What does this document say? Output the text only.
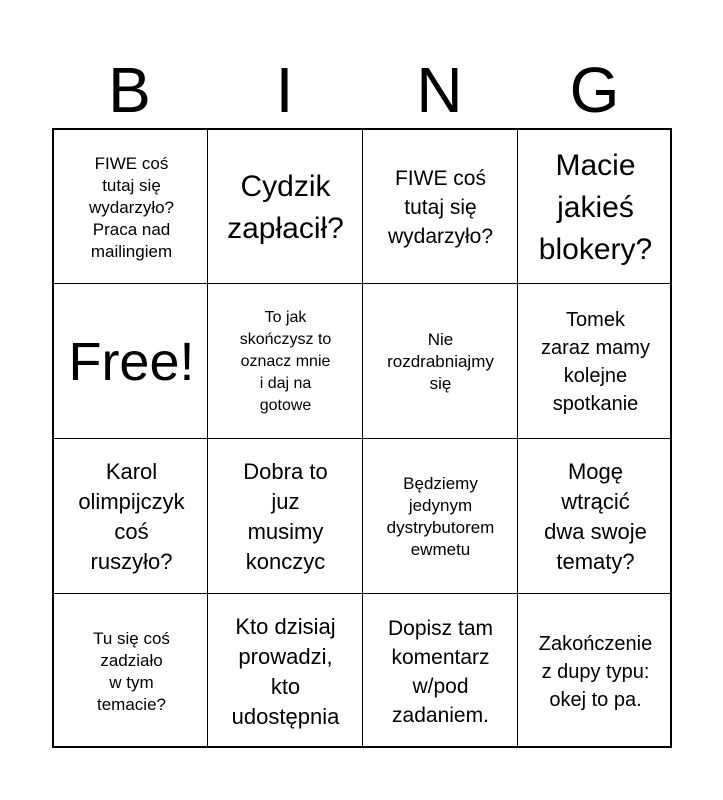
B	I	N	G
FIWE coś
tutaj się
wydarzyło?
Praca nad
mailingiem
Cydzik
zapłacił?
FIWE coś
tutaj się
wydarzyło?
Macie
jakieś
blokery?
Free!
To jak
skończysz to
oznacz mnie
i daj na
gotowe
Nie
rozdrabniajmy
się
Tomek
zaraz mamy
kolejne
spotkanie
Karol
olimpijczyk
coś
ruszyło?
Dobra to
juz
musimy
konczyc
Będziemy
jedynym
dystrybutorem
ewmetu
Mogę
wtrącić
dwa swoje
tematy?
Tu się coś
zadziało
w tym
temacie?
Kto dzisiaj
prowadzi,
kto
udostępnia
Dopisz tam
komentarz
w/pod
zadaniem.
Zakończenie
z dupy typu:
okej to pa.
